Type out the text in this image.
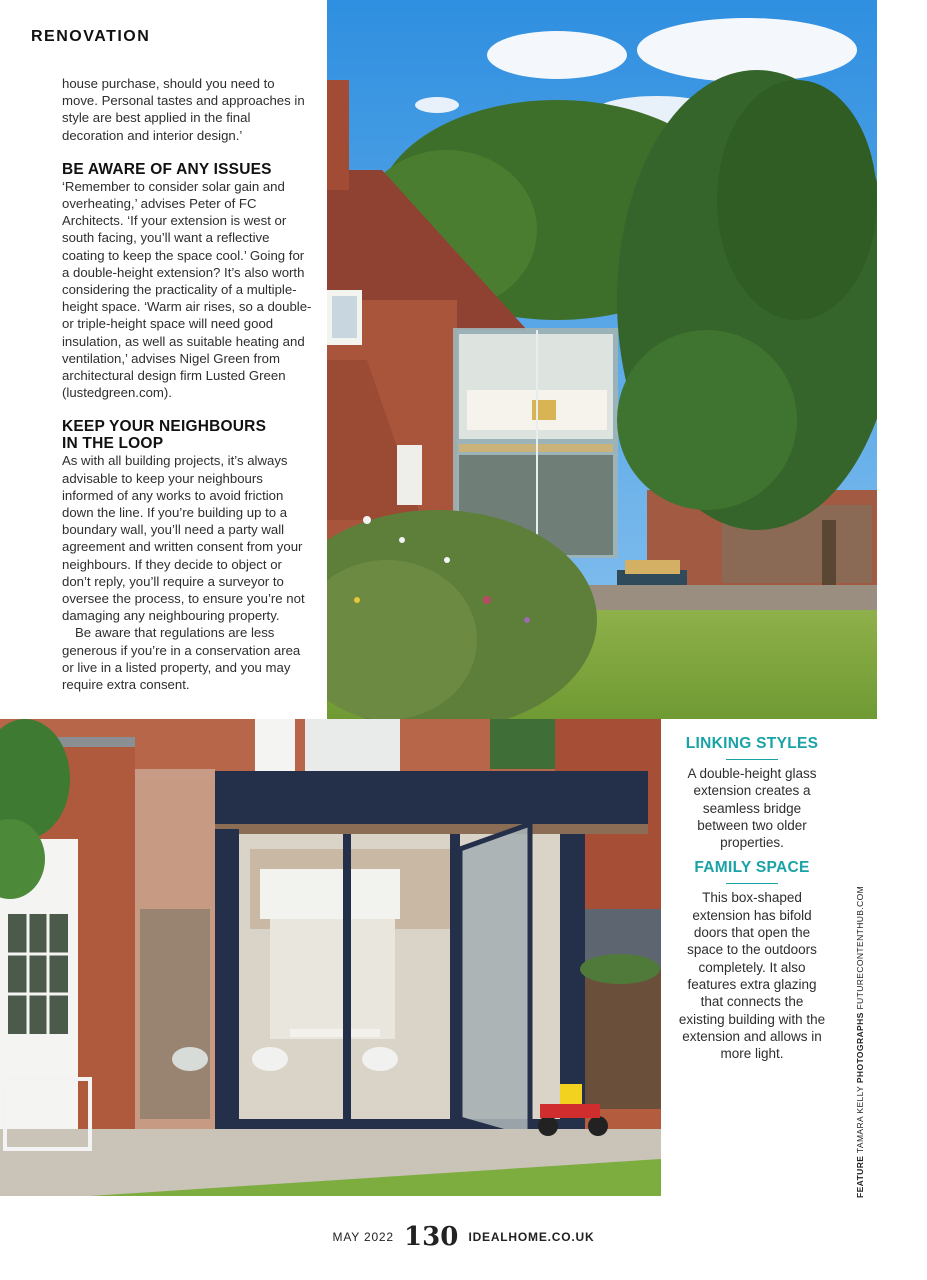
RENOVATION

house purchase, should you need to move. Personal tastes and approaches in style are best applied in the final decoration and interior design.’

BE AWARE OF ANY ISSUES

‘Remember to consider solar gain and overheating,’ advises Peter of FC Architects. ‘If your extension is west or south facing, you’ll want a reflective coating to keep the space cool.’ Going for a double-height extension? It’s also worth considering the practicality of a multiple-height space. ‘Warm air rises, so a double- or triple-height space will need good insulation, as well as suitable heating and ventilation,’ advises Nigel Green from architectural design firm Lusted Green (lustedgreen.com).

KEEP YOUR NEIGHBOURS
IN THE LOOP

As with all building projects, it’s always advisable to keep your neighbours informed of any works to avoid friction down the line. If you’re building up to a boundary wall, you’ll need a party wall agreement and written consent from your neighbours. If they decide to object or don’t reply, you’ll require a surveyor to oversee the process, to ensure you’re not damaging any neighbouring property.

Be aware that regulations are less generous if you’re in a conservation area or live in a listed property, and you may require extra consent.

LINKING STYLES

A double-height glass extension creates a seamless bridge between two older properties.

FAMILY SPACE

This box-shaped extension has bifold doors that open the space to the outdoors completely. It also features extra glazing that connects the existing building with the extension and allows in more light.

FEATURE TAMARA KELLY PHOTOGRAPHS FUTURECONTENTHUB.COM
MAY 2022 130 IDEALHOME.CO.UK
